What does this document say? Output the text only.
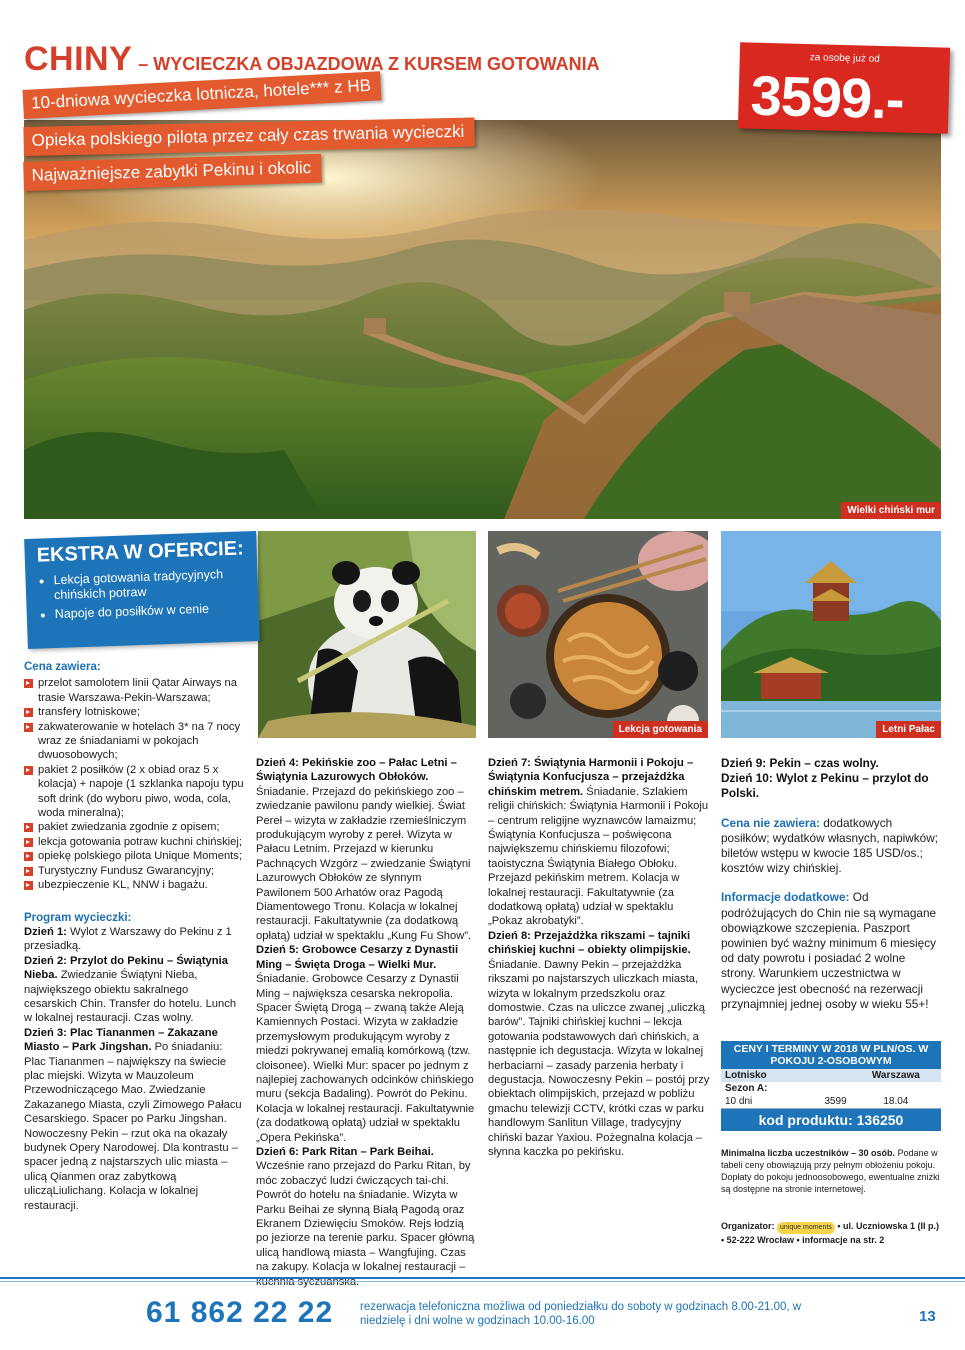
CHINY – WYCIECZKA OBJAZDOWA Z KURSEM GOTOWANIA	za osobę już od
3599.-
Wielki chiński mur
10-dniowa wycieczka lotnicza, hotele*** z HB
Opieka polskiego pilota przez cały czas trwania wycieczki
Najważniejsze zabytki Pekinu i okolic
EKSTRA W OFERCIE:
• Lekcja gotowania tradycyjnych chińskich potraw
• Napoje do posiłków w cenie
Lekcja gotowania	Letni Pałac
Cena zawiera:
przelot samolotem linii Qatar Airways na trasie Warszawa-Pekin-Warszawa;
transfery lotniskowe;
zakwaterowanie w hotelach 3* na 7 nocy wraz ze śniadaniami w pokojach dwuosobowych;
pakiet 2 posiłków (2 x obiad oraz 5 x kolacja) + napoje (1 szklanka napoju typu soft drink (do wyboru piwo, woda, cola, woda mineralna);
pakiet zwiedzania zgodnie z opisem;
lekcja gotowania potraw kuchni chińskiej;
opiekę polskiego pilota Unique Moments;
Turystyczny Fundusz Gwarancyjny;
ubezpieczenie KL, NNW i bagażu.
Program wycieczki:

Dzień 1: Wylot z Warszawy do Pekinu z 1 przesiadką.

Dzień 2: Przylot do Pekinu – Świątynia Nieba. Zwiedzanie Świątyni Nieba, największego obiektu sakralnego cesarskich Chin. Transfer do hotelu. Lunch w lokalnej restauracji. Czas wolny.

Dzień 3: Plac Tiananmen – Zakazane Miasto – Park Jingshan. Po śniadaniu: Plac Tiananmen – największy na świecie plac miejski. Wizyta w Mauzoleum Przewodniczącego Mao. Zwiedzanie Zakazanego Miasta, czyli Zimowego Pałacu Cesarskiego. Spacer po Parku Jingshan. Nowoczesny Pekin – rzut oka na okazały budynek Opery Narodowej. Dla kontrastu – spacer jedną z najstarszych ulic miasta – ulicą Qianmen oraz zabytkową ulicząLiulichang. Kolacja w lokalnej restauracji.

Dzień 4: Pekińskie zoo – Pałac Letni – Świątynia Lazurowych Obłoków. Śniadanie. Przejazd do pekińskiego zoo – zwiedzanie pawilonu pandy wielkiej. Świat Pereł – wizyta w zakładzie rzemieślniczym produkującym wyroby z pereł. Wizyta w Pałacu Letnim. Przejazd w kierunku Pachnących Wzgórz – zwiedzanie Świątyni Lazurowych Obłoków ze słynnym Pawilonem 500 Arhatów oraz Pagodą Diamentowego Tronu. Kolacja w lokalnej restauracji. Fakultatywnie (za dodatkową opłatą) udział w spektaklu „Kung Fu Show”.

Dzień 5: Grobowce Cesarzy z Dynastii Ming – Święta Droga – Wielki Mur. Śniadanie. Grobowce Cesarzy z Dynastii Ming – największa cesarska nekropolia. Spacer Świętą Drogą – zwaną także Aleją Kamiennych Postaci. Wizyta w zakładzie przemysłowym produkującym wyroby z miedzi pokrywanej emalią komórkową (tzw. cloisonee). Wielki Mur: spacer po jednym z najlepiej zachowanych odcinków chińskiego muru (sekcja Badaling). Powrót do Pekinu. Kolacja w lokalnej restauracji. Fakultatywnie (za dodatkową opłatą) udział w spektaklu „Opera Pekińska”.

Dzień 6: Park Ritan – Park Beihai. Wcześnie rano przejazd do Parku Ritan, by móc zobaczyć ludzi ćwiczących tai-chi. Powrót do hotelu na śniadanie. Wizyta w Parku Beihai ze słynną Białą Pagodą oraz Ekranem Dziewięciu Smoków. Rejs łodzią po jeziorze na terenie parku. Spacer główną ulicą handlową miasta – Wangfujing. Czas na zakupy. Kolacja w lokalnej restauracji –

Dzień 7: Świątynia Harmonii i Pokoju – Świątynia Konfucjusza – przejażdżka chińskim metrem. Śniadanie. Szlakiem religii chińskich: Świątynia Harmonii i Pokoju – centrum religijne wyznawców lamaizmu; Świątynia Konfucjusza – poświęcona największemu chińskiemu filozofowi; taoistyczna Świątynia Białego Obłoku. Przejazd pekińskim metrem. Kolacja w lokalnej restauracji. Fakultatywnie (za dodatkową opłatą) udział w spektaklu „Pokaz akrobatyki”.

Dzień 8: Przejażdżka rikszami – tajniki chińskiej kuchni – obiekty olimpijskie. Śniadanie. Dawny Pekin – przejażdżka rikszami po najstarszych uliczkach miasta, wizyta w lokalnym przedszkolu oraz domostwie. Czas na uliczce zwanej „uliczką barów”. Tajniki chińskiej kuchni – lekcja gotowania podstawowych dań chińskich, a następnie ich degustacja. Wizyta w lokalnej herbaciarni – zasady parzenia herbaty i degustacja. Nowoczesny Pekin – postój przy obiektach olimpijskich, przejazd w pobliżu gmachu telewizji CCTV, krótki czas w parku handlowym Sanlitun Village, tradycyjny chiński bazar Yaxiou. Pożegnalna kolacja – słynna kaczka po pekińsku.

Dzień 9: Pekin – czas wolny.

Dzień 10: Wylot z Pekinu – przylot do Polski.

Cena nie zawiera: dodatkowych posiłków; wydatków własnych, napiwków; biletów wstępu w kwocie 185 USD/os.; kosztów wizy chińskiej.

Informacje dodatkowe: Od podróżujących do Chin nie są wymagane obowiązkowe szczepienia. Paszport powinien być ważny minimum 6 miesięcy od daty powrotu i posiadać 2 wolne strony. Warunkiem uczestnictwa w wycieczce jest obecność na rezerwacji przynajmniej jednej osoby w wieku 55+!

CENY I TERMINY W 2018 W PLN/OS. W POKOJU 2-OSOBOWYM		
Lotnisko		Warszawa
Sezon A:		
10 dni	3599	18.04
kod produktu: 136250		
Minimalna liczba uczestników – 30 osób. Podane w tabeli ceny obowiązują przy pełnym obłożeniu pokoju. Dopłaty do pokoju jednoosobowego, ewentualne zniżki są dostępne na stronie internetowej.
Organizator: unique moments • ul. Uczniowska 1 (II p.) • 52-222 Wrocław • informacje na str. 2
61 862 22 22 rezerwacja telefoniczna możliwa od poniedziałku do soboty w godzinach 8.00-21.00, w niedzielę i dni wolne w godzinach 10.00-16.00	13
